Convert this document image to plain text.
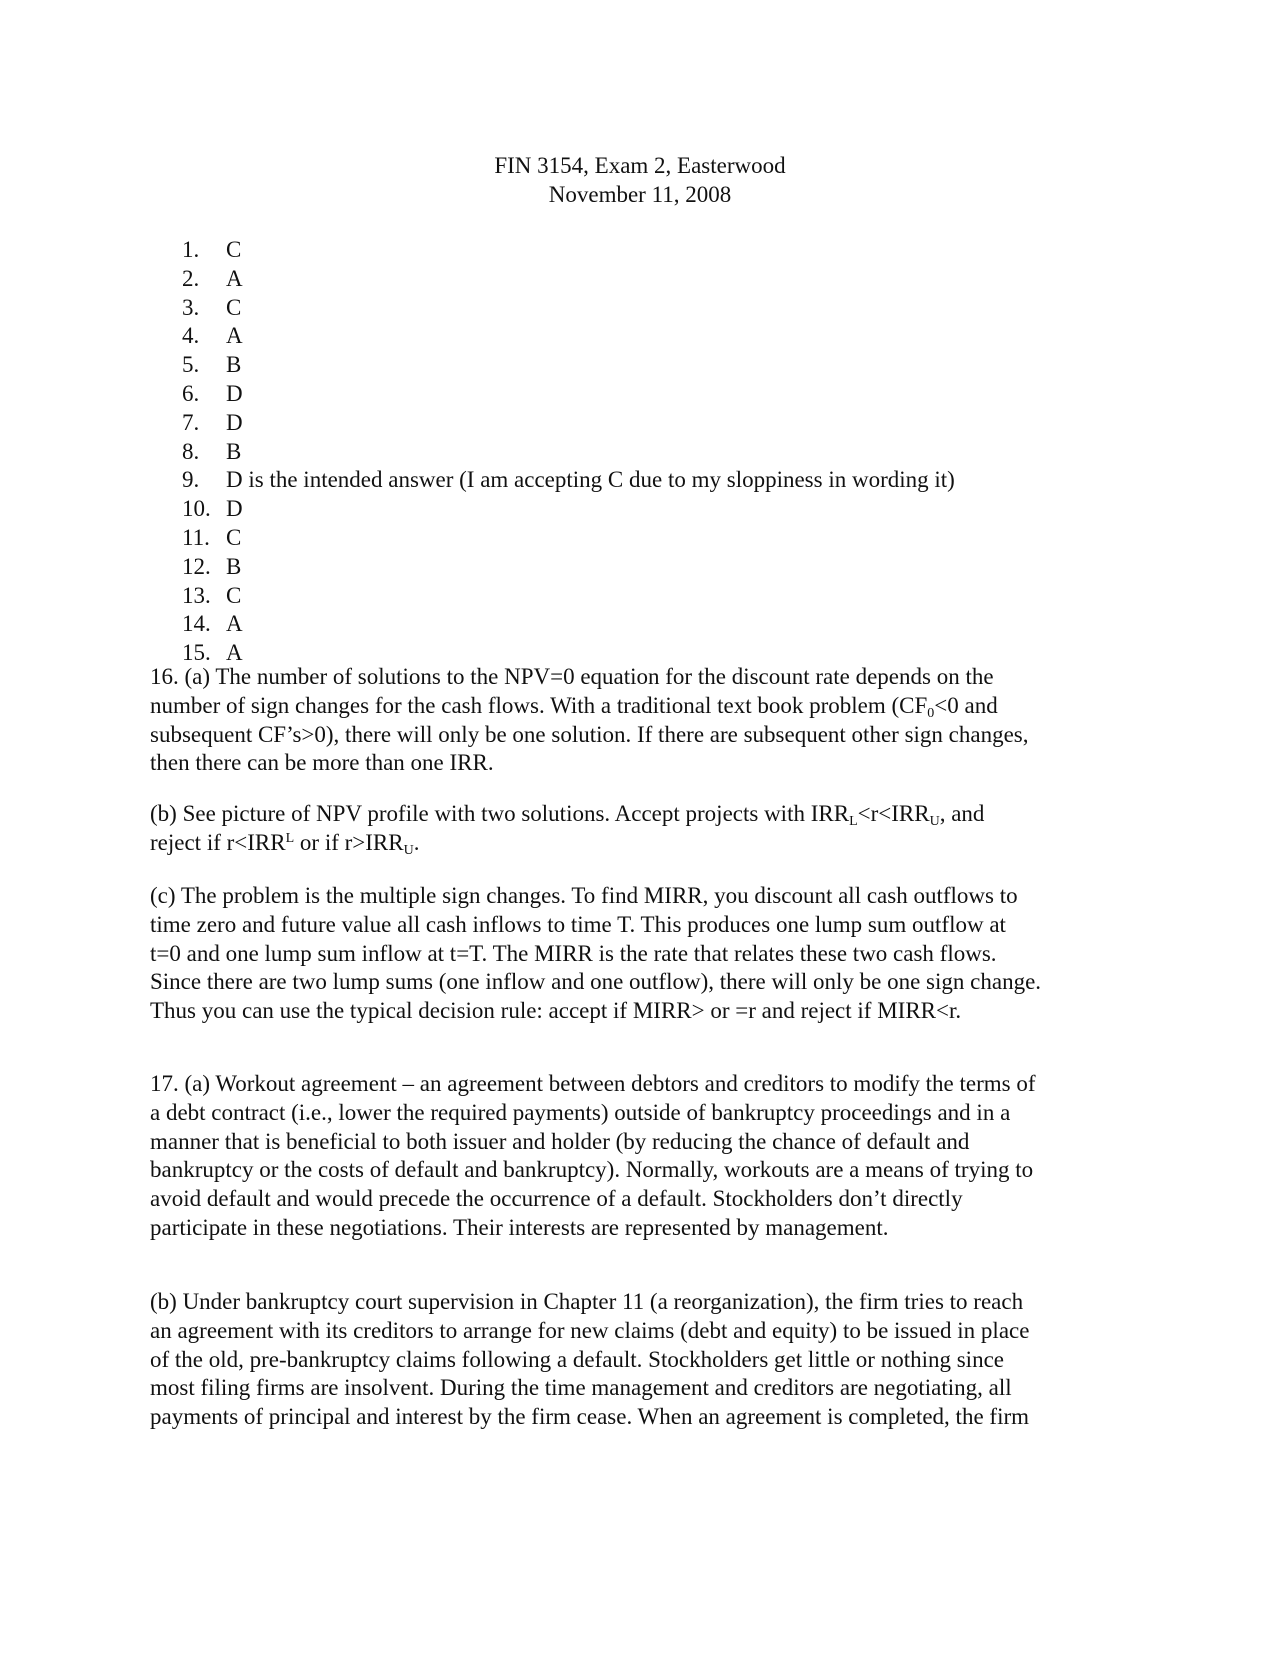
FIN 3154, Exam 2, Easterwood
November 11, 2008
1. C
2. A
3. C
4. A
5. B
6. D
7. D
8. B
9. D is the intended answer (I am accepting C due to my sloppiness in wording it)
10. D
11. C
12. B
13. C
14. A
15. A
16. (a) The number of solutions to the NPV=0 equation for the discount rate depends on the
number of sign changes for the cash flows. With a traditional text book problem ($CF_0<0$ and
subsequent CF’s>0), there will only be one solution. If there are subsequent other sign changes,
then there can be more than one IRR.
(b) See picture of NPV profile with two solutions. Accept projects with $IRR_L<r<IRR_U$, and
reject if $r<IRR^L$ or if $r>IRR_U$.
(c) The problem is the multiple sign changes. To find MIRR, you discount all cash outflows to
time zero and future value all cash inflows to time T. This produces one lump sum outflow at
t=0 and one lump sum inflow at t=T. The MIRR is the rate that relates these two cash flows.
Since there are two lump sums (one inflow and one outflow), there will only be one sign change.
Thus you can use the typical decision rule: accept if MIRR> or =r and reject if MIRR<r.
17. (a) Workout agreement – an agreement between debtors and creditors to modify the terms of
a debt contract (i.e., lower the required payments) outside of bankruptcy proceedings and in a
manner that is beneficial to both issuer and holder (by reducing the chance of default and
bankruptcy or the costs of default and bankruptcy). Normally, workouts are a means of trying to
avoid default and would precede the occurrence of a default. Stockholders don’t directly
participate in these negotiations. Their interests are represented by management.
(b) Under bankruptcy court supervision in Chapter 11 (a reorganization), the firm tries to reach
an agreement with its creditors to arrange for new claims (debt and equity) to be issued in place
of the old, pre-bankruptcy claims following a default. Stockholders get little or nothing since
most filing firms are insolvent. During the time management and creditors are negotiating, all
payments of principal and interest by the firm cease. When an agreement is completed, the firm
